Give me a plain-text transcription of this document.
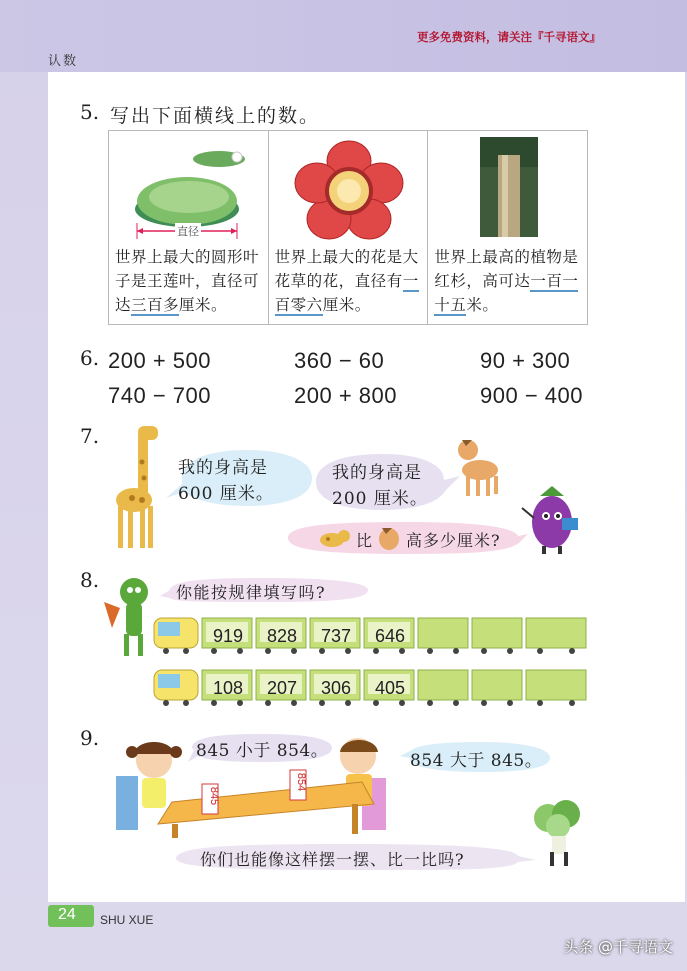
认数
更多免费资料，请关注『千寻语文』
5. 写出下面横线上的数。
直径
世界上最大的圆形叶子是王莲叶，直径可达三百多厘米。
世界上最大的花是大花草的花，直径有一百零六厘米。
世界上最高的植物是红杉，高可达一百一十五米。
6. 200 + 500	360 − 60	90 + 300
740 − 700	200 + 800	900 − 400
7.
我的身高是
600 厘米。
我的身高是
200 厘米。
比 高多少厘米?
8.
你能按规律填写吗?
919	828	737	646
108	207	306	405
9.
845 小于 854。	854 大于 845。
845
854
你们也能像这样摆一摆、比一比吗?
24 SHU XUE
头条 @千寻语文
